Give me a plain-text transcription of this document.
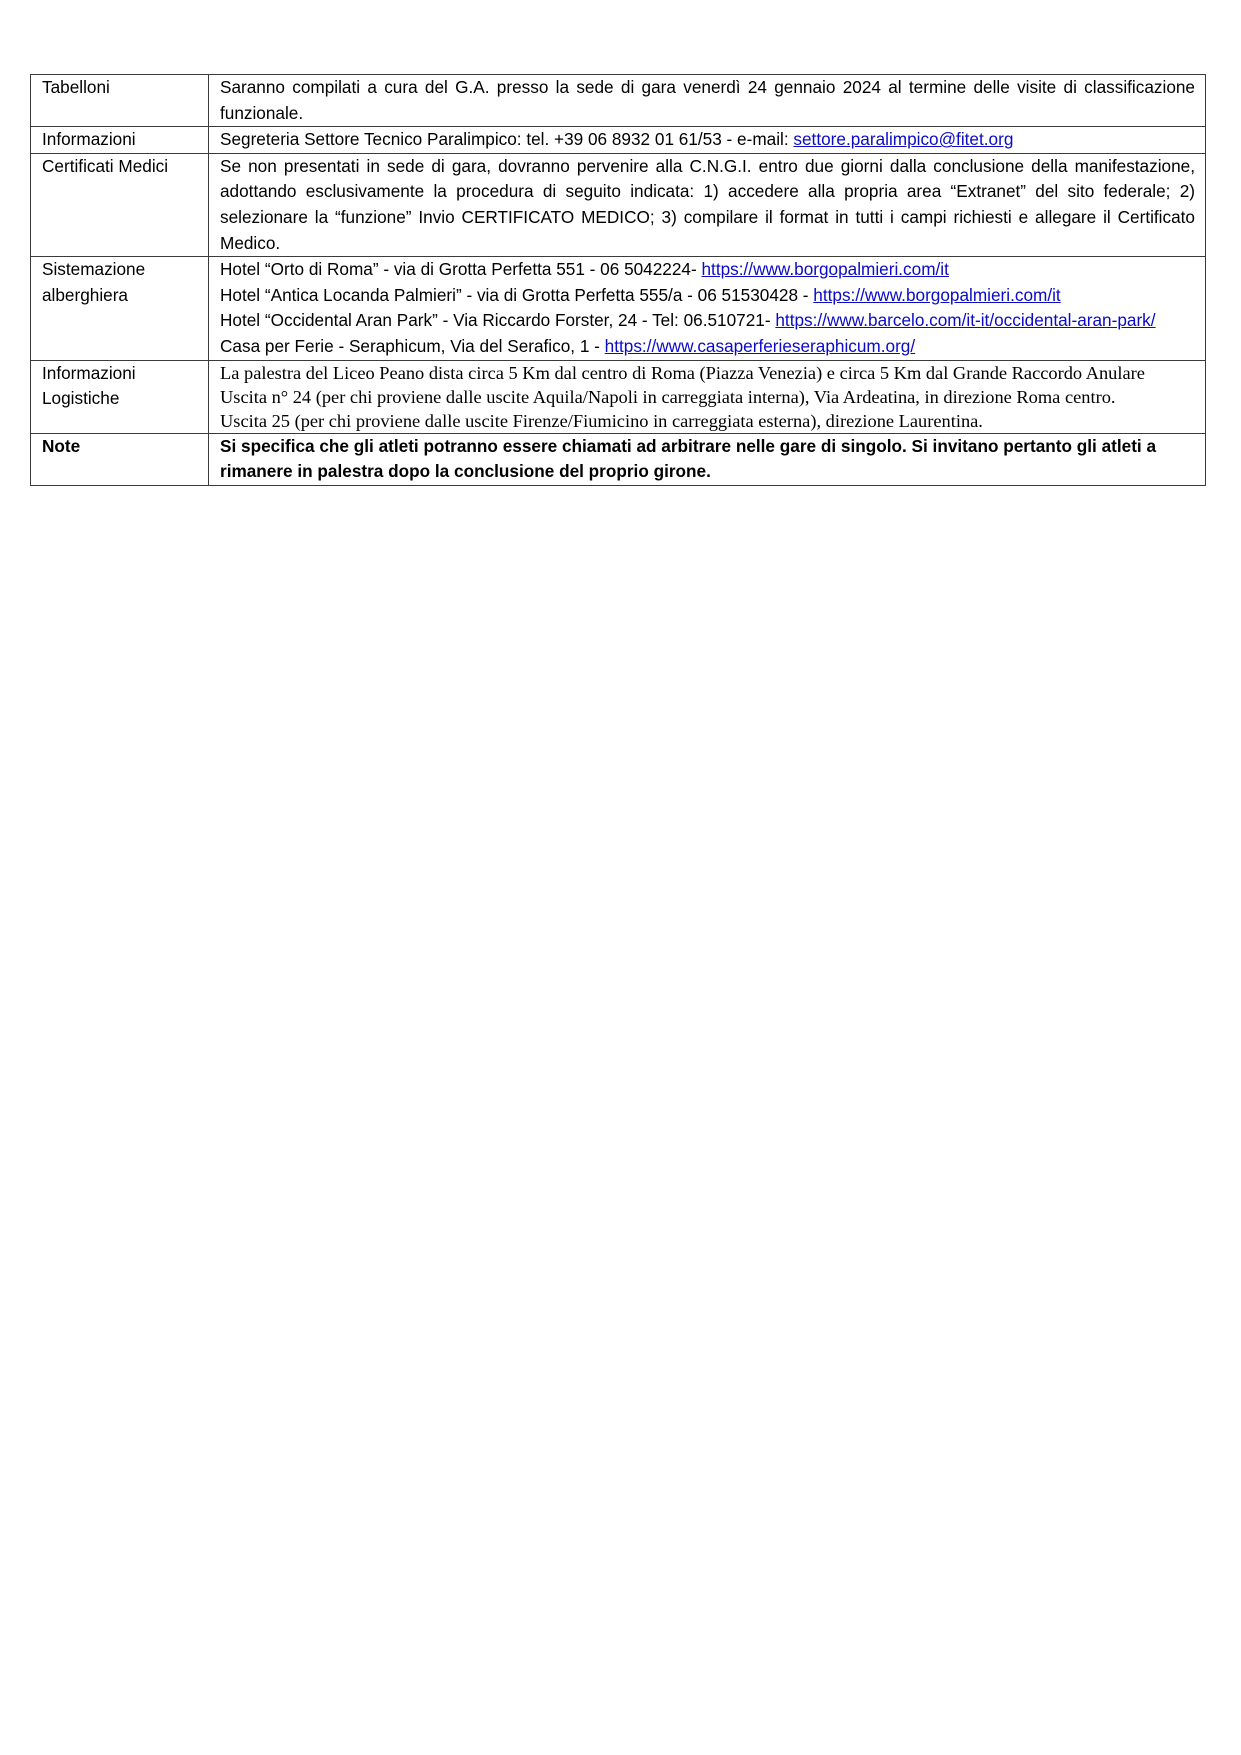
Tabelloni	Saranno compilati a cura del G.A. presso la sede di gara venerdì 24 gennaio 2024 al termine delle visite di classificazione funzionale.
Informazioni	Segreteria Settore Tecnico Paralimpico: tel. +39 06 8932 01 61/53 - e-mail: settore.paralimpico@fitet.org
Certificati Medici	Se non presentati in sede di gara, dovranno pervenire alla C.N.G.I. entro due giorni dalla conclusione della manifestazione, adottando esclusivamente la procedura di seguito indicata: 1) accedere alla propria area “Extranet” del sito federale; 2) selezionare la “funzione” Invio CERTIFICATO MEDICO; 3) compilare il format in tutti i campi richiesti e allegare il Certificato Medico.
Sistemazione alberghiera	Hotel “Orto di Roma” - via di Grotta Perfetta 551 - 06 5042224- https://www.borgopalmieri.com/it
Hotel “Antica Locanda Palmieri” - via di Grotta Perfetta 555/a - 06 51530428 - https://www.borgopalmieri.com/it
Hotel “Occidental Aran Park” - Via Riccardo Forster, 24 - Tel: 06.510721- https://www.barcelo.com/it-it/occidental-aran-park/
Casa per Ferie - Seraphicum, Via del Serafico, 1 - https://www.casaperferieseraphicum.org/

Informazioni Logistiche	La palestra del Liceo Peano dista circa 5 Km dal centro di Roma (Piazza Venezia) e circa 5 Km dal Grande Raccordo Anulare
Uscita n° 24 (per chi proviene dalle uscite Aquila/Napoli in carreggiata interna), Via Ardeatina, in direzione Roma centro.
Uscita 25 (per chi proviene dalle uscite Firenze/Fiumicino in carreggiata esterna), direzione Laurentina.

Note	Si specifica che gli atleti potranno essere chiamati ad arbitrare nelle gare di singolo. Si invitano pertanto gli atleti a rimanere in palestra dopo la conclusione del proprio girone.
